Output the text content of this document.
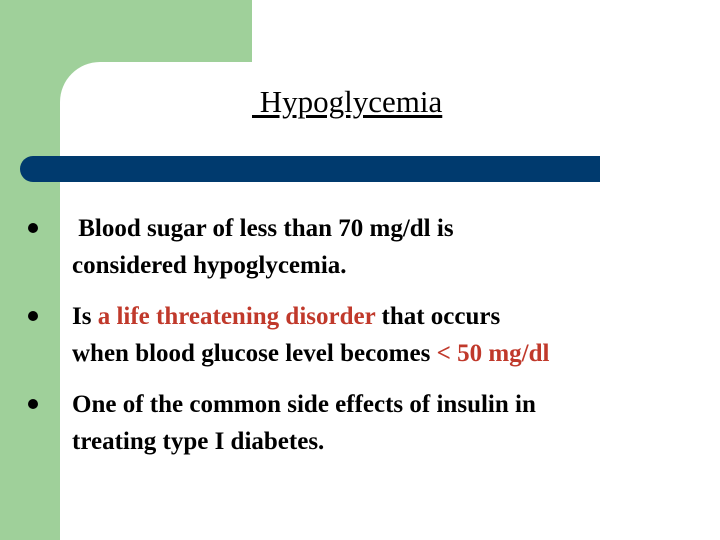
Hypoglycemia
Blood sugar of less than 70 mg/dl is
considered hypoglycemia.
Is a life threatening disorder that occurs
when blood glucose level becomes < 50 mg/dl
One of the common side effects of insulin in
treating type I diabetes.
